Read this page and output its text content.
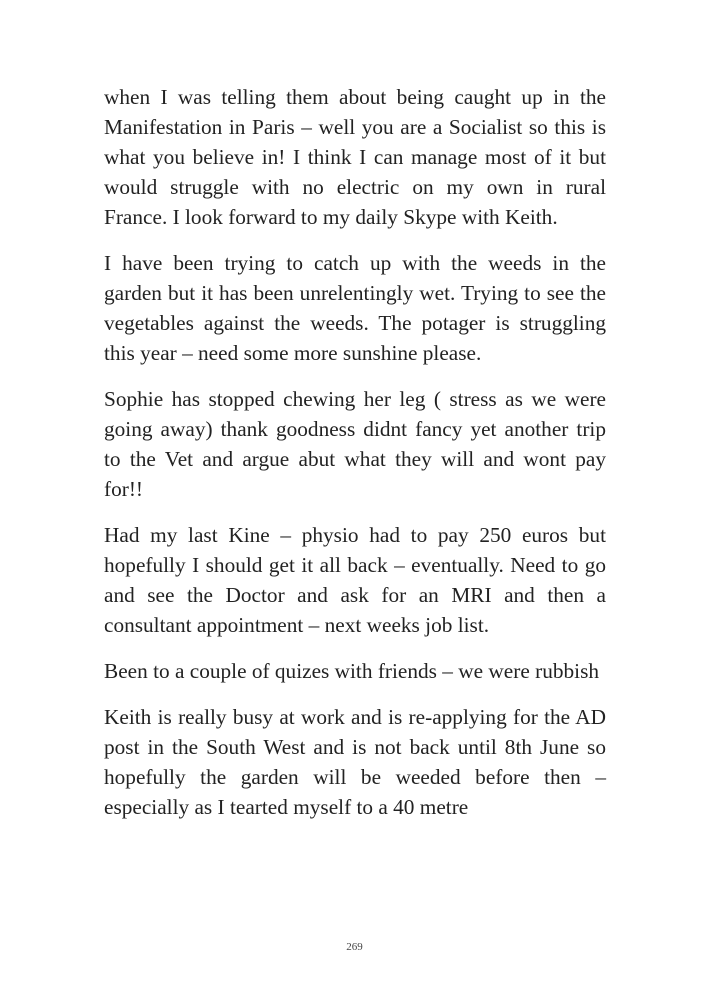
when I was telling them about being caught up in the Manifestation in Paris – well you are a Socialist so this is what you believe in! I think I can manage most of it but would struggle with no electric on my own in rural France. I look forward to my daily Skype with Keith.

I have been trying to catch up with the weeds in the garden but it has been unrelentingly wet. Trying to see the vegetables against the weeds. The potager is struggling this year – need some more sunshine please.

Sophie has stopped chewing her leg ( stress as we were going away) thank goodness didnt fancy yet another trip to the Vet and argue abut what they will and wont pay for!!

Had my last Kine – physio had to pay 250 euros but hopefully I should get it all back – eventually. Need to go and see the Doctor and ask for an MRI and then a consultant appointment – next weeks job list.

Been to a couple of quizes with friends – we were rubbish

Keith is really busy at work and is re-applying for the AD post in the South West and is not back until 8th June so hopefully the garden will be weeded before then – especially as I tearted myself to a 40 metre

269
